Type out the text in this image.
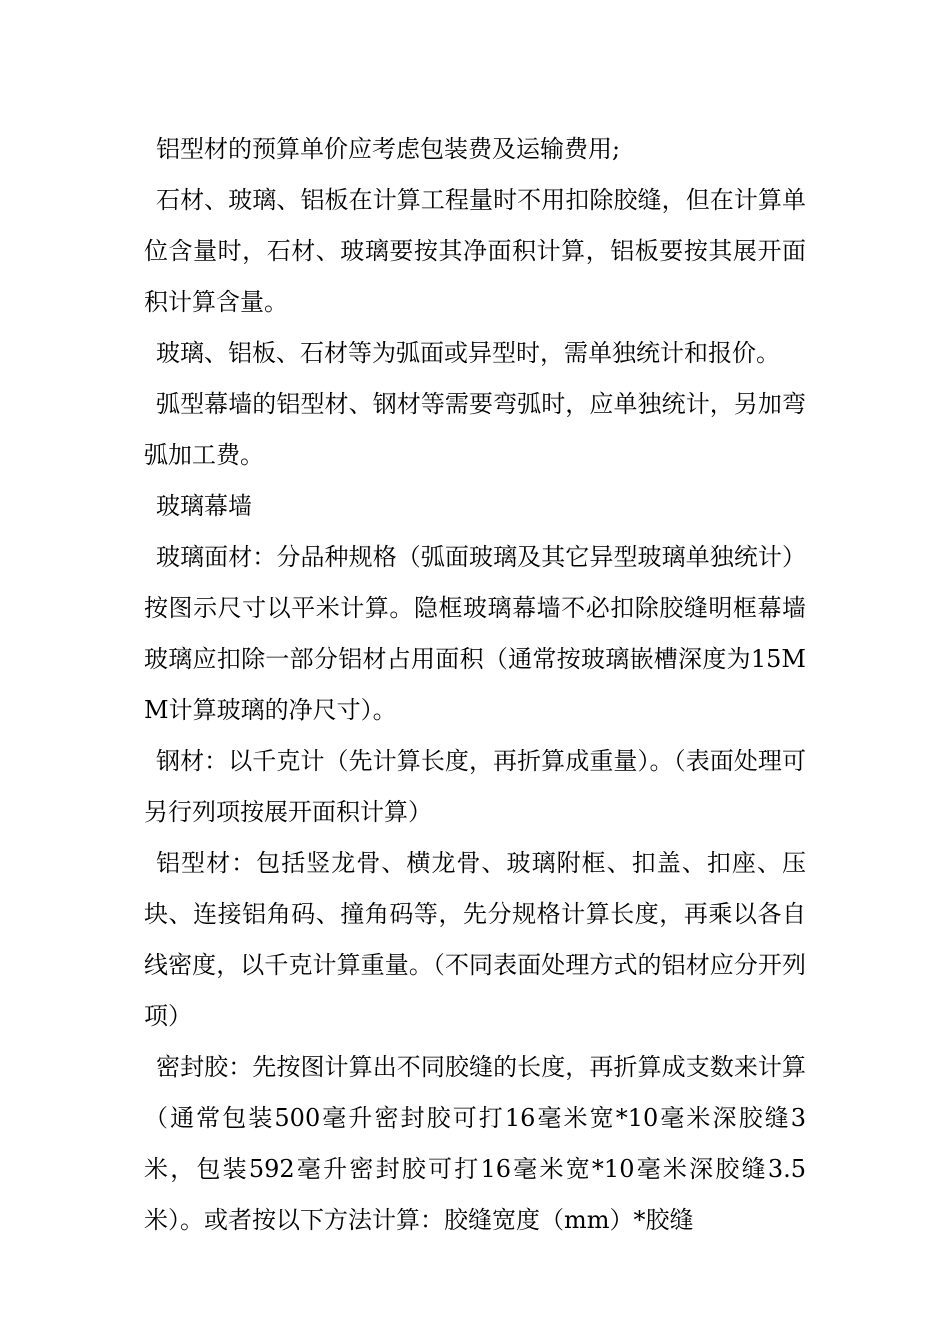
铝型材的预算单价应考虑包装费及运输费用;

石材、玻璃、铝板在计算工程量时不用扣除胶缝，但在计算单位含量时，石材、玻璃要按其净面积计算，铝板要按其展开面积计算含量。

玻璃、铝板、石材等为弧面或异型时，需单独统计和报价。

弧型幕墙的铝型材、钢材等需要弯弧时，应单独统计，另加弯弧加工费。

玻璃幕墙

玻璃面材：分品种规格（弧面玻璃及其它异型玻璃单独统计）按图示尺寸以平米计算。隐框玻璃幕墙不必扣除胶缝明框幕墙玻璃应扣除一部分铝材占用面积（通常按玻璃嵌槽深度为15MM计算玻璃的净尺寸）。

钢材：以千克计（先计算长度，再折算成重量）。（表面处理可另行列项按展开面积计算）

铝型材：包括竖龙骨、横龙骨、玻璃附框、扣盖、扣座、压块、连接铝角码、撞角码等，先分规格计算长度，再乘以各自线密度，以千克计算重量。（不同表面处理方式的铝材应分开列项）

密封胶：先按图计算出不同胶缝的长度，再折算成支数来计算（通常包装500毫升密封胶可打16毫米宽*10毫米深胶缝3米，包装592毫升密封胶可打16毫米宽*10毫米深胶缝3.5米）。或者按以下方法计算：胶缝宽度（mm）*胶缝
